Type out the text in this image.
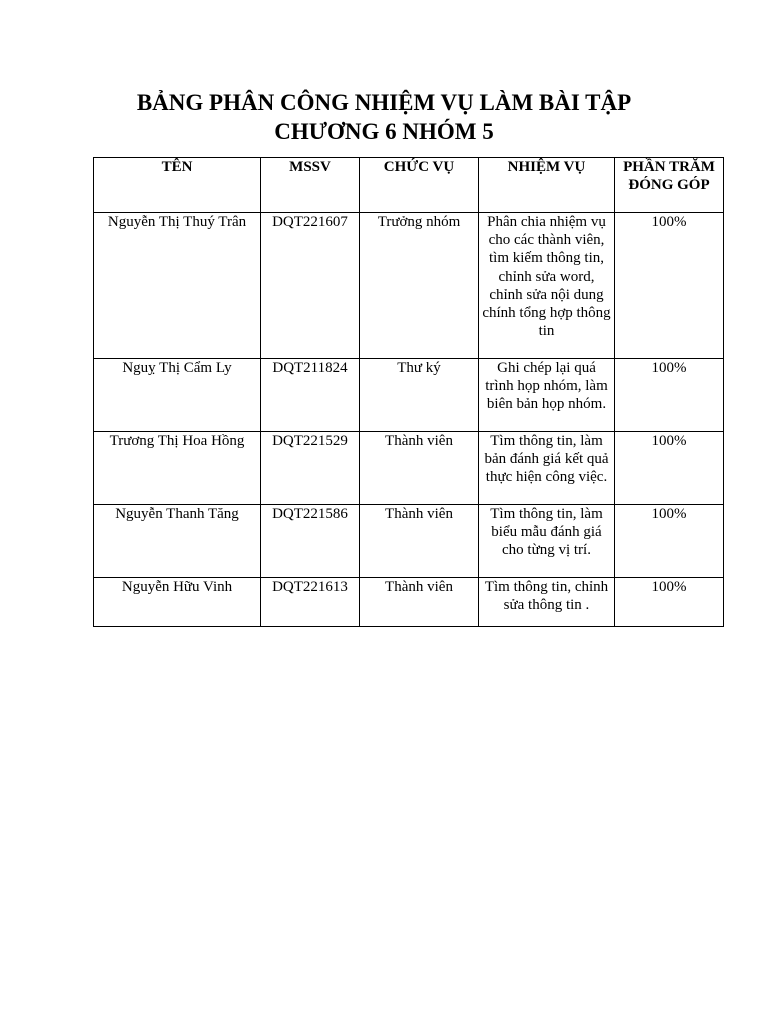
BẢNG PHÂN CÔNG NHIỆM VỤ LÀM BÀI TẬP
CHƯƠNG 6 NHÓM 5
TÊN	MSSV	CHỨC VỤ	NHIỆM VỤ	PHẦN TRĂM ĐÓNG GÓP
Nguyễn Thị Thuý Trân	DQT221607	Trưởng nhóm	Phân chia nhiệm vụ cho các thành viên, tìm kiếm thông tin, chỉnh sửa word, chỉnh sửa nội dung chính tổng hợp thông tin	100%
Nguỵ Thị Cẩm Ly	DQT211824	Thư ký	Ghi chép lại quá trình họp nhóm, làm biên bản họp nhóm.	100%
Trương Thị Hoa Hồng	DQT221529	Thành viên	Tìm thông tin, làm bản đánh giá kết quả thực hiện công việc.	100%
Nguyễn Thanh Tăng	DQT221586	Thành viên	Tìm thông tin, làm biểu mẫu đánh giá cho từng vị trí.	100%
Nguyễn Hữu Vinh	DQT221613	Thành viên	Tìm thông tin, chỉnh sửa thông tin .	100%
